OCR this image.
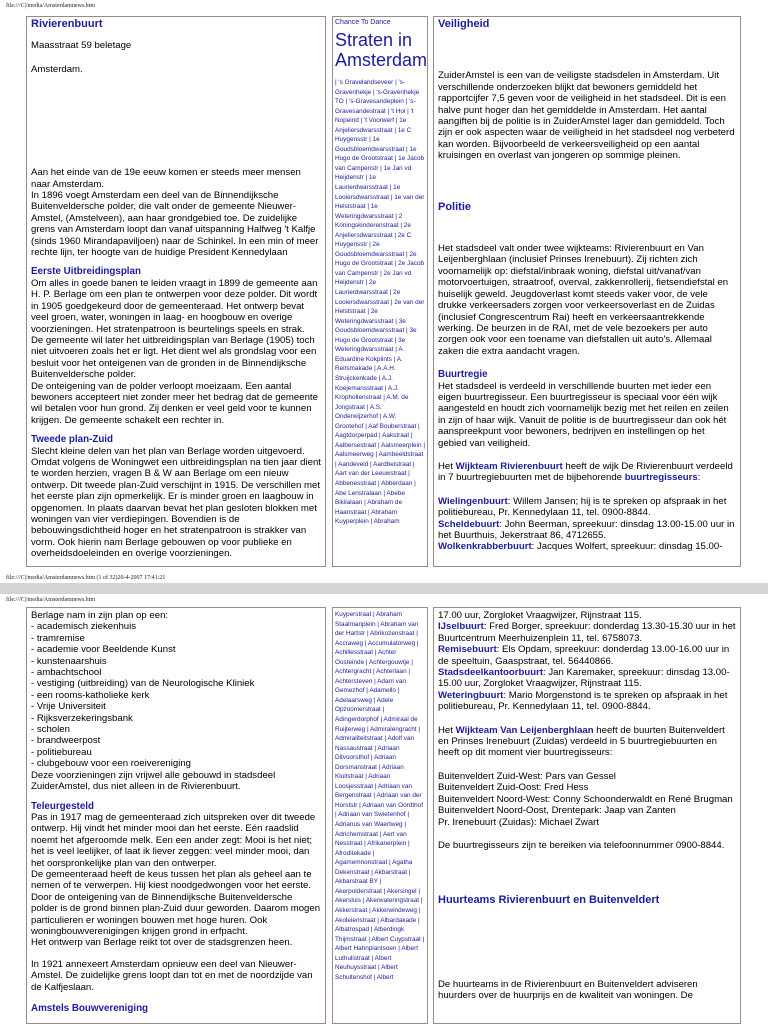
file:///C|/media/Amsterdamnews.htm
Rivierenbuurt

Maasstraat 59 beletage

Amsterdam.

Aan het einde van de 19e eeuw komen er steeds meer mensen naar Amsterdam.

In 1896 voegt Amsterdam een deel van de Binnendijksche Buitenveldersche polder, die valt onder de gemeente Nieuwer-Amstel, (Amstelveen), aan haar grondgebied toe. De zuidelijke grens van Amsterdam loopt dan vanaf uitspanning Halfweg 't Kalfje (sinds 1960 Mirandapaviljoen) naar de Schinkel. In een min of meer rechte lijn, ter hoogte van de huidige President Kennedylaan

Eerste Uitbreidingsplan

Om alles in goede banen te leiden vraagt in 1899 de gemeente aan H. P. Berlage om een plan te ontwerpen voor deze polder. Dit wordt in 1905 goedgekeurd door de gemeenteraad. Het ontwerp bevat veel groen, water, woningen in laag- en hoogbouw en overige voorzieningen. Het stratenpatroon is beurtelings speels en strak.

De gemeente wil later het uitbreidingsplan van Berlage (1905) toch niet uitvoeren zoals het er ligt. Het dient wel als grondslag voor een besluit voor het onteigenen van de gronden in de Binnendijksche Buitenveldersche polder.

De onteigening van de polder verloopt moeizaam. Een aantal bewoners accepteert niet zonder meer het bedrag dat de gemeente wil betalen voor hun grond. Zij denken er veel geld voor te kunnen krijgen. De gemeente schakelt een rechter in.

Tweede plan-Zuid

Slecht kleine delen van het plan van Berlage worden uitgevoerd. Omdat volgens de Woningwet een uitbreidingsplan na tien jaar dient te worden herzien, vragen B & W aan Berlage om een nieuw ontwerp. Dit tweede plan-Zuid verschijnt in 1915. De verschillen met het eerste plan zijn opmerkelijk. Er is minder groen en laagbouw in opgenomen. In plaats daarvan bevat het plan gesloten blokken met woningen van vier verdiepingen. Bovendien is de bebouwingsdichtheid hoger en het stratenpatroon is strakker van vorm. Ook hierin nam Berlage gebouwen op voor publieke en overheidsdoeleinden en overige voorzieningen.

Chance To Dance
Straten in Amsterdam

| 's Gravelandseveer | 's-Gravenhekje | 's-Gravenhekje TO | 's-Gravesandeplein | 's-Gravesandestraat | 't Hol | 't Nopeind | 't Voorwerf | 1e Anjeliersdwarsstraat | 1e C Huygensstr | 1e Goudsbloemdwarsstraat | 1e Hugo de Grootstraat | 1e Jacob van Campenstr | 1e Jan vd Heijdenstr | 1e Laurierdwarsstraat | 1e Looiersdwarsstraat | 1e van der Helststraat | 1e Weteringdwarsstraat | 2 Koningskinderenstraat | 2e Anjeliersdwarsstraat | 2e C Huygensstr | 2e Goudsbloemdwarsstraat | 2e Hugo de Grootstraat | 2e Jacob van Campenstr | 2e Jan vd Heijdenstr | 2e Laurierdwarsstraat | 2e Looiersdwarsstraat | 2e van der Helststraat | 2e Weteringdwarsstraat | 3e Goudsbloemdwarsstraat | 3e Hugo de Grootstraat | 3e Weteringdwarsstraat | A Eduardine Kokplints | A. Reitsmakade | A.A.H. Struijckenkade | A.J. Koejemansstraat | A.J. Kropholleristraat | A.M. de Jongstraat | A.S. Onderwijzerhof | A.W. Grootehof | Aaf Bouberstraat | Aagtdorperpad | Aakstraat | Aalbersestraat | Aalsmeerplein | Aalsmeerweg | Aambeeldstraat | Aandeveld | Aardbeistraat | Aart van der Leeuwstraat | Abbenesstraat | Abberdaan | Abe Lenstralaan | Abebe Bikilalaan | Abraham de Haanstraat | Abraham Kuyperplein | Abraham

Veiligheid

ZuiderAmstel is een van de veiligste stadsdelen in Amsterdam. Uit verschillende onderzoeken blijkt dat bewoners gemiddeld het rapportcijfer 7,5 geven voor de veiligheid in het stadsdeel. Dit is een halve punt hoger dan het gemiddelde in Amsterdam. Het aantal aangiften bij de politie is in ZuiderAmstel lager dan gemiddeld. Toch zijn er ook aspecten waar de veiligheid in het stadsdeel nog verbeterd kan worden. Bijvoorbeeld de verkeersveiligheid op een aantal kruisingen en overlast van jongeren op sommige pleinen.

Politie

Het stadsdeel valt onder twee wijkteams: Rivierenbuurt en Van Leijenberghlaan (inclusief Prinses Irenebuurt). Zij richten zich voornamelijk op: diefstal/inbraak woning, diefstal uit/vanaf/van motorvoertuigen, straatroof, overval, zakkenrollerij, fietsendiefstal en huiselijk geweld. Jeugdoverlast komt steeds vaker voor, de vele drukke verkeersaders zorgen voor verkeersoverlast en de Zuidas (inclusief Congrescentrum Rai) heeft en verkeersaantrekkende werking. De beurzen in de RAI, met de vele bezoekers per auto zorgen ook voor een toename van diefstallen uit auto's. Allemaal zaken die extra aandacht vragen.

Buurtregie

Het stadsdeel is verdeeld in verschillende buurten met ieder een eigen buurtregisseur. Een buurtregisseur is speciaal voor één wijk aangesteld en houdt zich voornamelijk bezig met het reilen en zeilen in zijn of haar wijk. Vanuit de politie is de buurtregisseur dan ook hét aanspreekpunt voor bewoners, bedrijven en instellingen op het gebied van veiligheid.

Het Wijkteam Rivierenbuurt heeft de wijk De Rivierenbuurt verdeeld in 7 buurtregiebuurten met de bijbehorende buurtregisseurs:

Wielingenbuurt: Willem Jansen; hij is te spreken op afspraak in het politiebureau, Pr. Kennedylaan 11, tel. 0900-8844.

Scheldebuurt: John Beerman, spreekuur: dinsdag 13.00-15.00 uur in het Buurthuis, Jekerstraat 86, 4712655.

Wolkenkrabberbuurt: Jacques Wolfert, spreekuur: dinsdag 15.00-

file:///C|/media/Amsterdamnews.htm (1 of 32)20-4-2007 17:41:21
file:///C|/media/Amsterdamnews.htm

Berlage nam in zijn plan op een:

- academisch ziekenhuis

- tramremise

- academie voor Beeldende Kunst

- kunstenaarshuis

- ambachtschool

- vestiging (uitbreiding) van de Neurologische Kliniek

- een rooms-katholieke kerk

- Vrije Universiteit

- Rijksverzekeringsbank

- scholen

- brandweerpost

- politiebureau

- clubgebouw voor een roeivereniging

Deze voorzieningen zijn vrijwel alle gebouwd in stadsdeel ZuiderAmstel, dus niet alleen in de Rivierenbuurt.

Teleurgesteld

Pas in 1917 mag de gemeenteraad zich uitspreken over dit tweede ontwerp. Hij vindt het minder mooi dan het eerste. Eén raadslid noemt het afgeroomde melk. Een een ander zegt: Mooi is het niet; het is veel leelijker, of laat ik liever zeggen: veel minder mooi, dan het oorspronkelijke plan van den ontwerper.

De gemeenteraad heeft de keus tussen het plan als geheel aan te nemen of te verwerpen. Hij kiest noodgedwongen voor het eerste. Door de onteigening van de Binnendijksche Buitenveldersche polder is de grond binnen plan-Zuid duur geworden. Daarom mogen particulieren er woningen bouwen met hoge huren. Ook woningbouwverenigingen krijgen grond in erfpacht.

Het ontwerp van Berlage reikt tot over de stadsgrenzen heen.

In 1921 annexeert Amsterdam opnieuw een deel van Nieuwer-Amstel. De zuidelijke grens loopt dan tot en met de noordzijde van de Kalfjeslaan.

Amstels Bouwvereniging

Kuyperstraat | Abraham Staalmanplein | Abraham van der Hartstr | Abrikozenstraat | Accraweg | Accumulatorweg | Achillesstraat | Achter Oosteinde | Achtergouwtje | Achtergracht | Achterlaan | Achtersteven | Adam van Gemezhof | Adamello | Adelaarsweg | Adele Opzoomerstraat | Adingerdorphof | Admiraal de Ruijterweg | Admiralengracht | Admiraliteitstraat | Adolf van Nassaustraat | Adriaan Ditvoorsthof | Adriaan Dorsmanstraat | Adriaan Kluitstraat | Adriaan Loosjesstraat | Adriaan van Bergenstraat | Adriaan van der Horststr | Adriaan van Oordthof | Adriaan van Swietenhof | Adrianus van Waertweg | Adrichemstraat | Aert van Nesstraat | Afrikanerplein | Afroditekade | Agamemnonstraat | Agatha Dekenstraat | Akbarstraat | Akbarstraat BY | Akerpolderstraat | Akersingel | Akersluis | Akerwateringstraat | Akkerstraat | Akkerwindeweg | Akoleienstraat | Albardakade | Albatrospad | Alberdingk Thijmstraat | Albert Cuypstraat | Albert Hahnplantsoen | Albert Luthulistraat | Albert Neuhuysstraat | Albert Schultenshof | Albert

17.00 uur, Zorgloket Vraagwijzer, Rijnstraat 115.

IJselbuurt: Fred Borger, spreekuur: donderdag 13.30-15.30 uur in het Buurtcentrum Meerhuizenplein 11, tel. 6758073.

Remisebuurt: Els Opdam, spreekuur: donderdag 13.00-16.00 uur in de speeltuin, Gaaspstraat, tel. 56440866.

Stadsdeelkantoorbuurt: Jan Karemaker, spreekuur: dinsdag 13.00-15.00 uur, Zorgloket Vraagwijzer, Rijnstraat 115.

Weteringbuurt: Mario Morgenstond is te spreken op afspraak in het politiebureau, Pr. Kennedylaan 11, tel. 0900-8844.

Het Wijkteam Van Leijenberghlaan heeft de buurten Buitenveldert en Prinses Irenebuurt (Zuidas) verdeeld in 5 buurtregiebuurten en heeft op dit moment vier buurtregisseurs:

Buitenveldert Zuid-West: Pars van Gessel

Buitenveldert Zuid-Oost: Fred Hess

Buitenveldert Noord-West: Conny Schoonderwaldt en René Brugman

Buitenveldert Noord-Oost, Drentepark: Jaap van Zanten

Pr. Irenebuurt (Zuidas): Michael Zwart

De buurtregisseurs zijn te bereiken via telefoonnummer 0900-8844.

Huurteams Rivierenbuurt en Buitenveldert

De huurteams in de Rivierenbuurt en Buitenveldert adviseren huurders over de huurprijs en de kwaliteit van woningen. De
